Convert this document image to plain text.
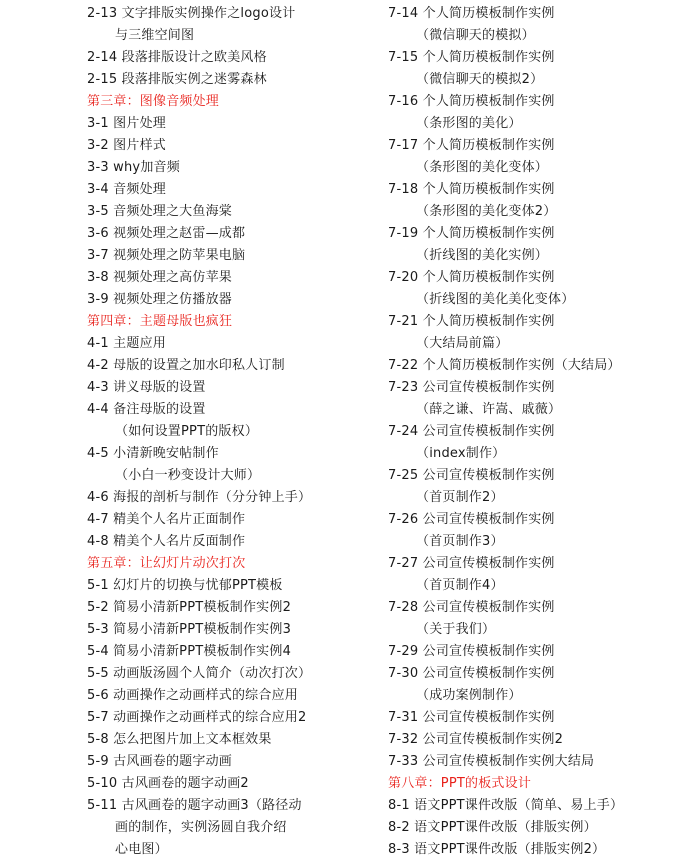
2-13 文字排版实例操作之logo设计
与三维空间图
2-14 段落排版设计之欧美风格
2-15 段落排版实例之迷雾森林
第三章：图像音频处理
3-1 图片处理
3-2 图片样式
3-3 why加音频
3-4 音频处理
3-5 音频处理之大鱼海棠
3-6 视频处理之赵雷—成都
3-7 视频处理之防苹果电脑
3-8 视频处理之高仿苹果
3-9 视频处理之仿播放器
第四章：主题母版也疯狂
4-1 主题应用
4-2 母版的设置之加水印私人订制
4-3 讲义母版的设置
4-4 备注母版的设置
（如何设置PPT的版权）
4-5 小清新晚安帖制作
（小白一秒变设计大师）
4-6 海报的剖析与制作（分分钟上手）
4-7 精美个人名片正面制作
4-8 精美个人名片反面制作
第五章：让幻灯片动次打次
5-1 幻灯片的切换与忧郁PPT模板
5-2 简易小清新PPT模板制作实例2
5-3 简易小清新PPT模板制作实例3
5-4 简易小清新PPT模板制作实例4
5-5 动画版汤圆个人简介（动次打次）
5-6 动画操作之动画样式的综合应用
5-7 动画操作之动画样式的综合应用2
5-8 怎么把图片加上文本框效果
5-9 古风画卷的题字动画
5-10 古风画卷的题字动画2
5-11 古风画卷的题字动画3（路径动
画的制作，实例汤圆自我介绍
心电图）
7-14 个人简历模板制作实例
（微信聊天的模拟）
7-15 个人简历模板制作实例
（微信聊天的模拟2）
7-16 个人简历模板制作实例
（条形图的美化）
7-17 个人简历模板制作实例
（条形图的美化变体）
7-18 个人简历模板制作实例
（条形图的美化变体2）
7-19 个人简历模板制作实例
（折线图的美化实例）
7-20 个人简历模板制作实例
（折线图的美化美化变体）
7-21 个人简历模板制作实例
（大结局前篇）
7-22 个人简历模板制作实例（大结局）
7-23 公司宣传模板制作实例
（薛之谦、许嵩、戚薇）
7-24 公司宣传模板制作实例
（index制作）
7-25 公司宣传模板制作实例
（首页制作2）
7-26 公司宣传模板制作实例
（首页制作3）
7-27 公司宣传模板制作实例
（首页制作4）
7-28 公司宣传模板制作实例
（关于我们）
7-29 公司宣传模板制作实例
7-30 公司宣传模板制作实例
（成功案例制作）
7-31 公司宣传模板制作实例
7-32 公司宣传模板制作实例2
7-33 公司宣传模板制作实例大结局
第八章：PPT的板式设计
8-1 语文PPT课件改版（简单、易上手）
8-2 语文PPT课件改版（排版实例）
8-3 语文PPT课件改版（排版实例2）
